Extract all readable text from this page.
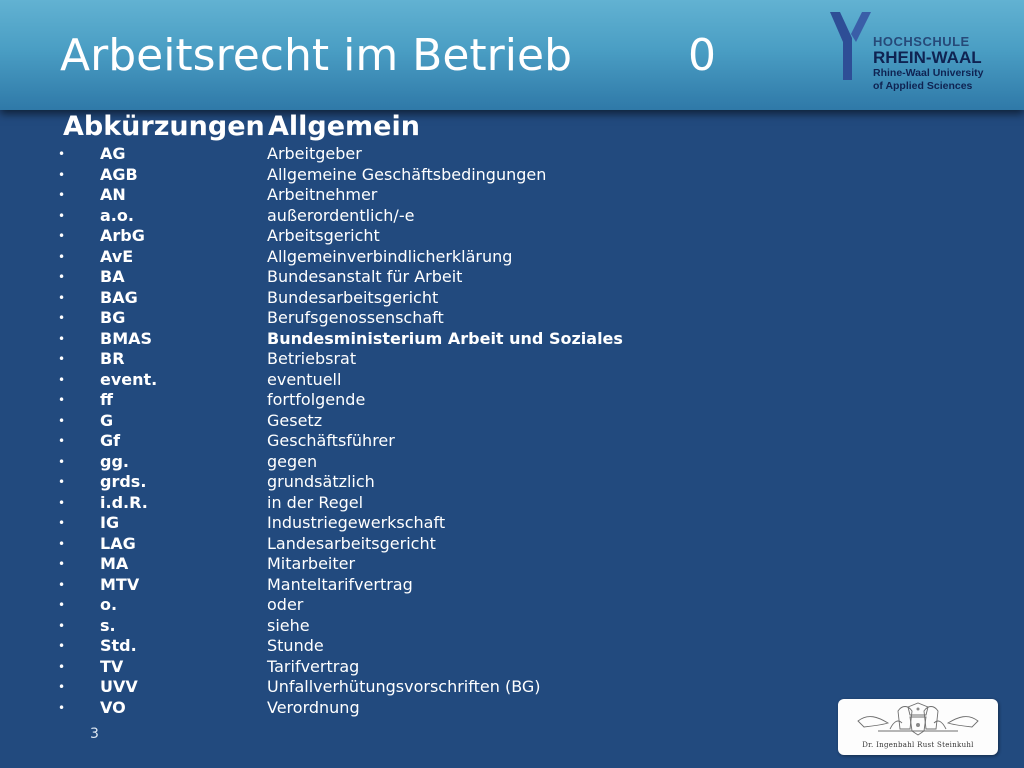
Arbeitsrecht im Betrieb	0	HOCHSCHULE
RHEIN-WAAL
Rhine-Waal University
of Applied Sciences
Abkürzungen Allgemein
• AG	Arbeitgeber
• AGB	Allgemeine Geschäftsbedingungen
• AN	Arbeitnehmer
• a.o.	außerordentlich/-e
• ArbG	Arbeitsgericht
• AvE	Allgemeinverbindlicherklärung
• BA	Bundesanstalt für Arbeit
• BAG	Bundesarbeitsgericht
• BG	Berufsgenossenschaft
• BMAS	Bundesministerium Arbeit und Soziales
• BR	Betriebsrat
• event.	eventuell
• ff	fortfolgende
• G	Gesetz
• Gf	Geschäftsführer
• gg.	gegen
• grds.	grundsätzlich
• i.d.R.	in der Regel
• IG	Industriegewerkschaft
• LAG	Landesarbeitsgericht
• MA	Mitarbeiter
• MTV	Manteltarifvertrag
• o.	oder
• s.	siehe
• Std.	Stunde
• TV	Tarifvertrag
• UVV	Unfallverhütungsvorschriften (BG)
• VO	Verordnung
3
Dr. Ingenbahl Rust Steinkuhl
